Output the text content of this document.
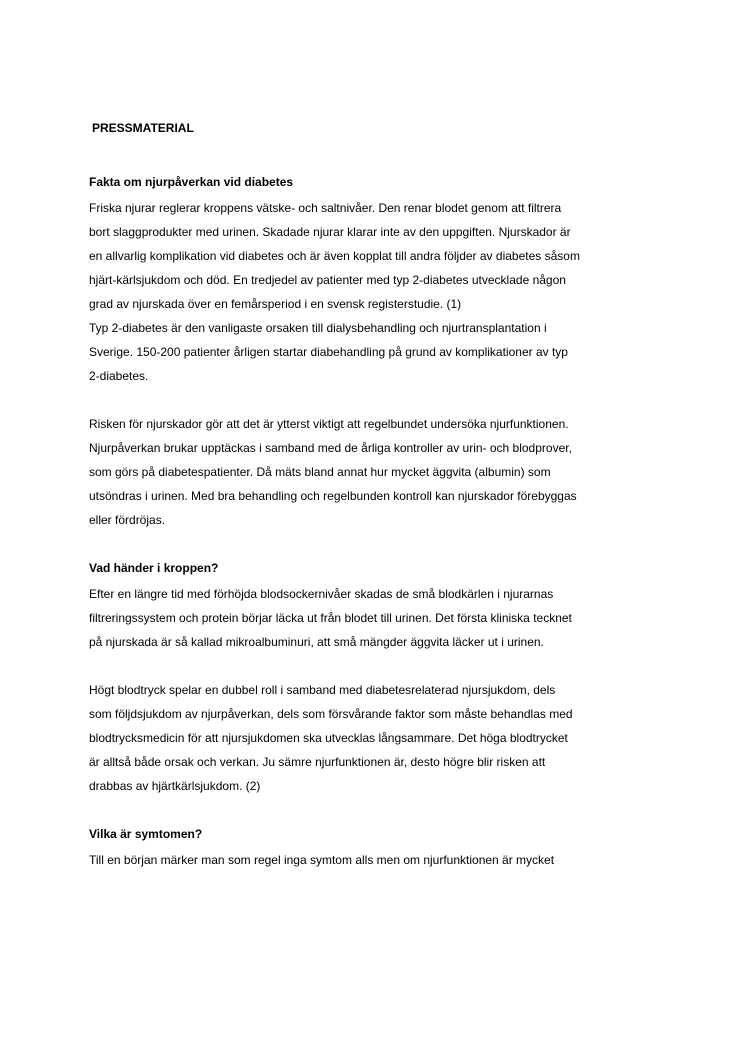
PRESSMATERIAL
Fakta om njurpåverkan vid diabetes
Friska njurar reglerar kroppens vätske- och saltnivåer. Den renar blodet genom att filtrera
bort slaggprodukter med urinen. Skadade njurar klarar inte av den uppgiften. Njurskador är
en allvarlig komplikation vid diabetes och är även kopplat till andra följder av diabetes såsom
hjärt-kärlsjukdom och död. En tredjedel av patienter med typ 2-diabetes utvecklade någon
grad av njurskada över en femårsperiod i en svensk registerstudie. (1)
Typ 2-diabetes är den vanligaste orsaken till dialysbehandling och njurtransplantation i
Sverige. 150-200 patienter årligen startar diabehandling på grund av komplikationer av typ
2-diabetes.
Risken för njurskador gör att det är ytterst viktigt att regelbundet undersöka njurfunktionen.
Njurpåverkan brukar upptäckas i samband med de årliga kontroller av urin- och blodprover,
som görs på diabetespatienter. Då mäts bland annat hur mycket äggvita (albumin) som
utsöndras i urinen. Med bra behandling och regelbunden kontroll kan njurskador förebyggas
eller fördröjas.
Vad händer i kroppen?
Efter en längre tid med förhöjda blodsockernivåer skadas de små blodkärlen i njurarnas
filtreringssystem och protein börjar läcka ut från blodet till urinen. Det första kliniska tecknet
på njurskada är så kallad mikroalbuminuri, att små mängder äggvita läcker ut i urinen.
Högt blodtryck spelar en dubbel roll i samband med diabetesrelaterad njursjukdom, dels
som följdsjukdom av njurpåverkan, dels som försvårande faktor som måste behandlas med
blodtrycksmedicin för att njursjukdomen ska utvecklas långsammare. Det höga blodtrycket
är alltså både orsak och verkan. Ju sämre njurfunktionen är, desto högre blir risken att
drabbas av hjärtkärlsjukdom. (2)
Vilka är symtomen?
Till en början märker man som regel inga symtom alls men om njurfunktionen är mycket
